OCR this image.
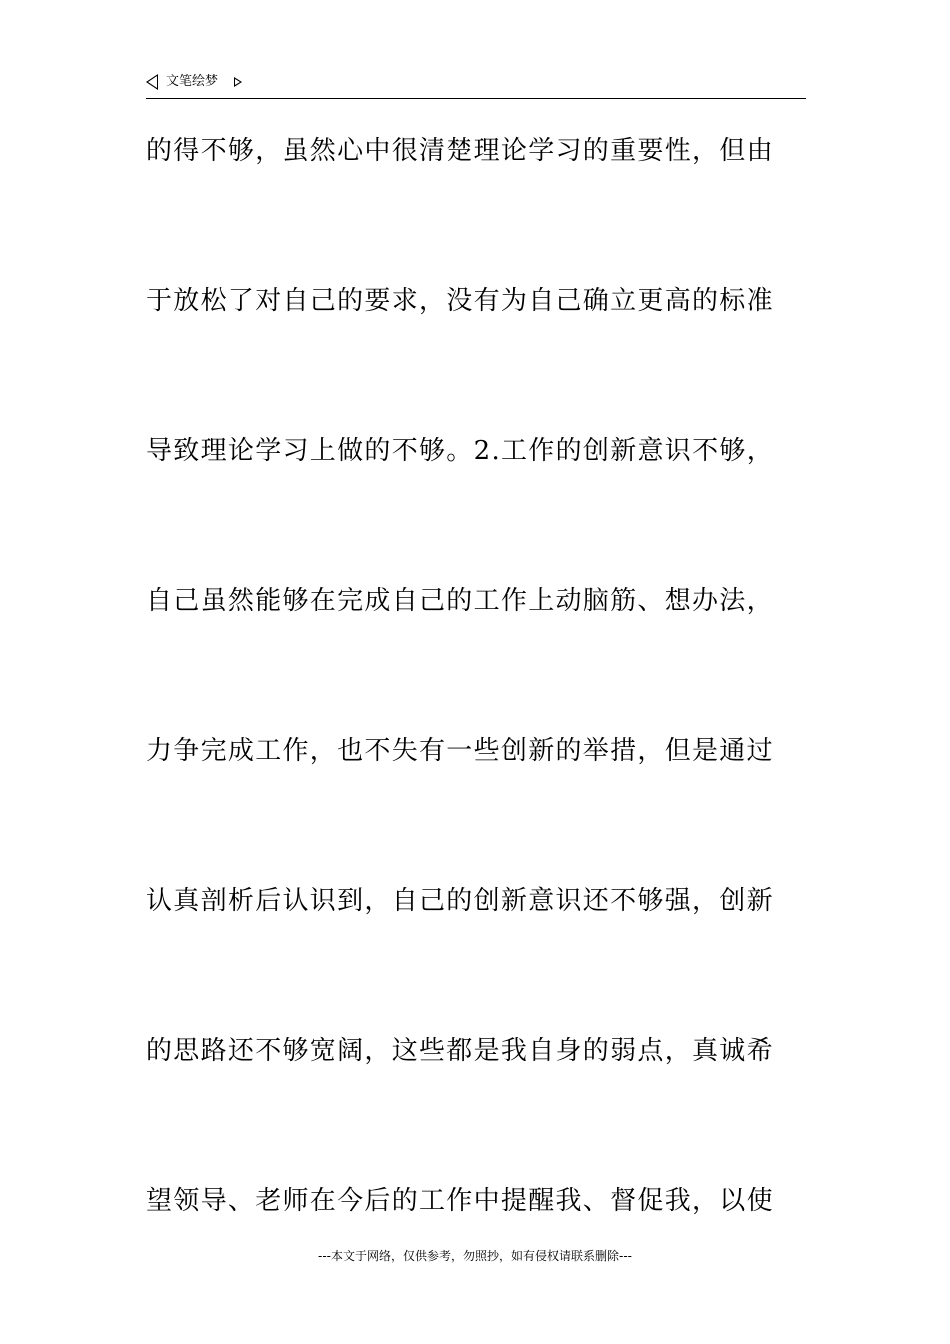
文笔绘梦
的得不够，虽然心中很清楚理论学习的重要性，但由
于放松了对自己的要求，没有为自己确立更高的标准
导致理论学习上做的不够。2.工作的创新意识不够，
自己虽然能够在完成自己的工作上动脑筋、想办法，
力争完成工作，也不失有一些创新的举措，但是通过
认真剖析后认识到，自己的创新意识还不够强，创新
的思路还不够宽阔，这些都是我自身的弱点，真诚希
望领导、老师在今后的工作中提醒我、督促我，以使
---本文于网络，仅供参考，勿照抄，如有侵权请联系删除---
